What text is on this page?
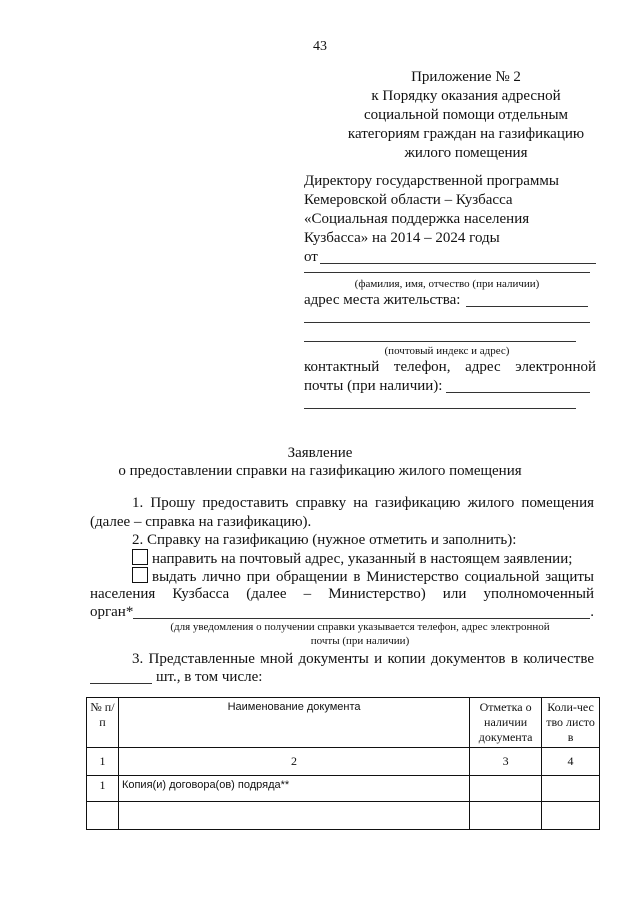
43
Приложение № 2
к Порядку оказания адресной
социальной помощи отдельным
категориям граждан на газификацию
жилого помещения
Директору государственной программы
Кемеровской области – Кузбасса
«Социальная поддержка населения
Кузбасса» на 2014 – 2024 годы
от
(фамилия, имя, отчество (при наличии)
адрес места жительства:
(почтовый индекс и адрес)
контактный телефон, адрес электронной
почты (при наличии):
Заявление
о предоставлении справки на газификацию жилого помещения
1. Прошу предоставить справку на газификацию жилого помещения
(далее – справка на газификацию).
2. Справку на газификацию (нужное отметить и заполнить):
направить на почтовый адрес, указанный в настоящем заявлении;
выдать лично при обращении в Министерство социальной защиты
населения Кузбасса (далее – Министерство) или уполномоченный
орган*	.
(для уведомления о получении справки указывается телефон, адрес электронной
почты (при наличии)
3. Представленные мной документы и копии документов в количестве
шт., в том числе:
№ п/п	Наименование документа	Отметка о наличии документа	Коли-чество листов
1	2	3	4
1	Копия(и) договора(ов) подряда**		
